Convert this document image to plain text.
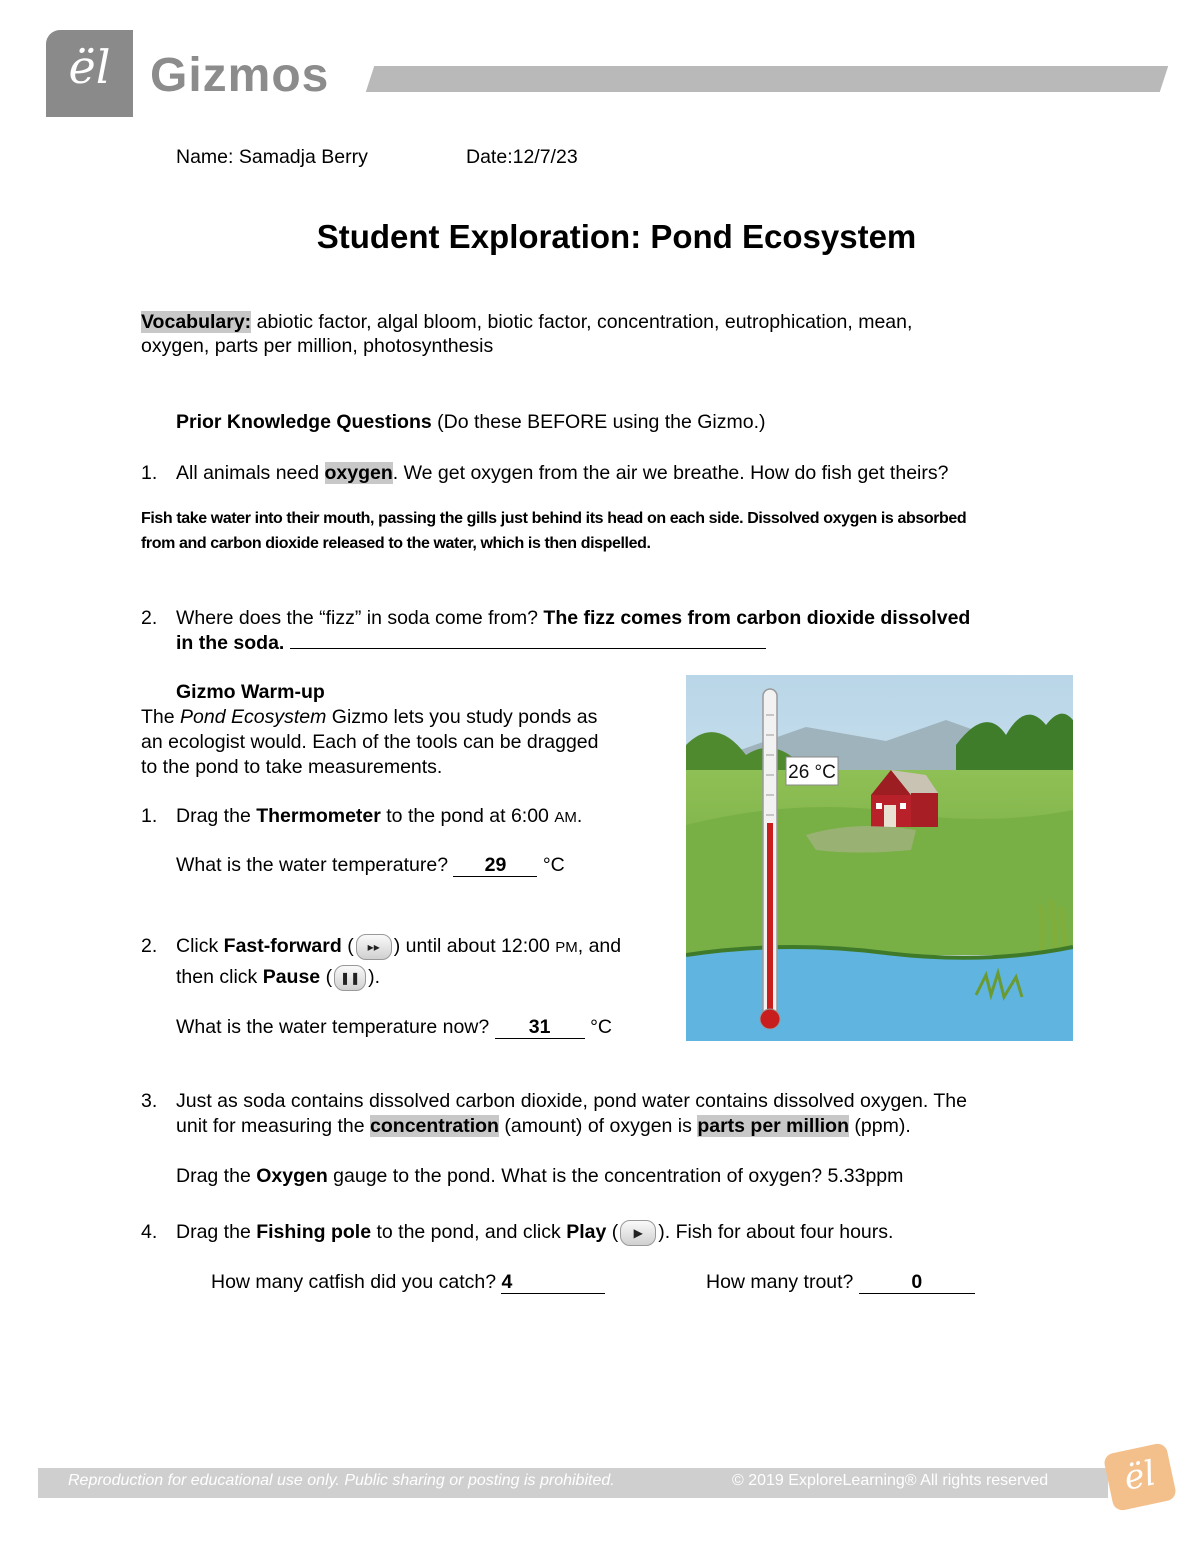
ël Gizmos
Name: Samadja Berry	Date:12/7/23
Student Exploration: Pond Ecosystem
Vocabulary: abiotic factor, algal bloom, biotic factor, concentration, eutrophication, mean,
oxygen, parts per million, photosynthesis
Prior Knowledge Questions (Do these BEFORE using the Gizmo.)
1. All animals need oxygen. We get oxygen from the air we breathe. How do fish get theirs?
Fish take water into their mouth, passing the gills just behind its head on each side. Dissolved oxygen is absorbed
from and carbon dioxide released to the water, which is then dispelled.
2. Where does the “fizz” in soda come from? The fizz comes from carbon dioxide dissolved
in the soda.
Gizmo Warm-up
The Pond Ecosystem Gizmo lets you study ponds as
an ecologist would. Each of the tools can be dragged
to the pond to take measurements.
1. Drag the Thermometer to the pond at 6:00 AM.
What is the water temperature? 29 °C
2. Click Fast-forward ( ▸▸ ) until about 12:00 PM, and
then click Pause ( ❚❚ ).
What is the water temperature now? 31 °C
26 °C
3. Just as soda contains dissolved carbon dioxide, pond water contains dissolved oxygen. The
unit for measuring the concentration (amount) of oxygen is parts per million (ppm).
Drag the Oxygen gauge to the pond. What is the concentration of oxygen? 5.33ppm
4. Drag the Fishing pole to the pond, and click Play ( ▶ ). Fish for about four hours.
How many catfish did you catch? 4	How many trout?	0
Reproduction for educational use only. Public sharing or posting is prohibited.	© 2019 ExploreLearning® All rights reserved	ël
